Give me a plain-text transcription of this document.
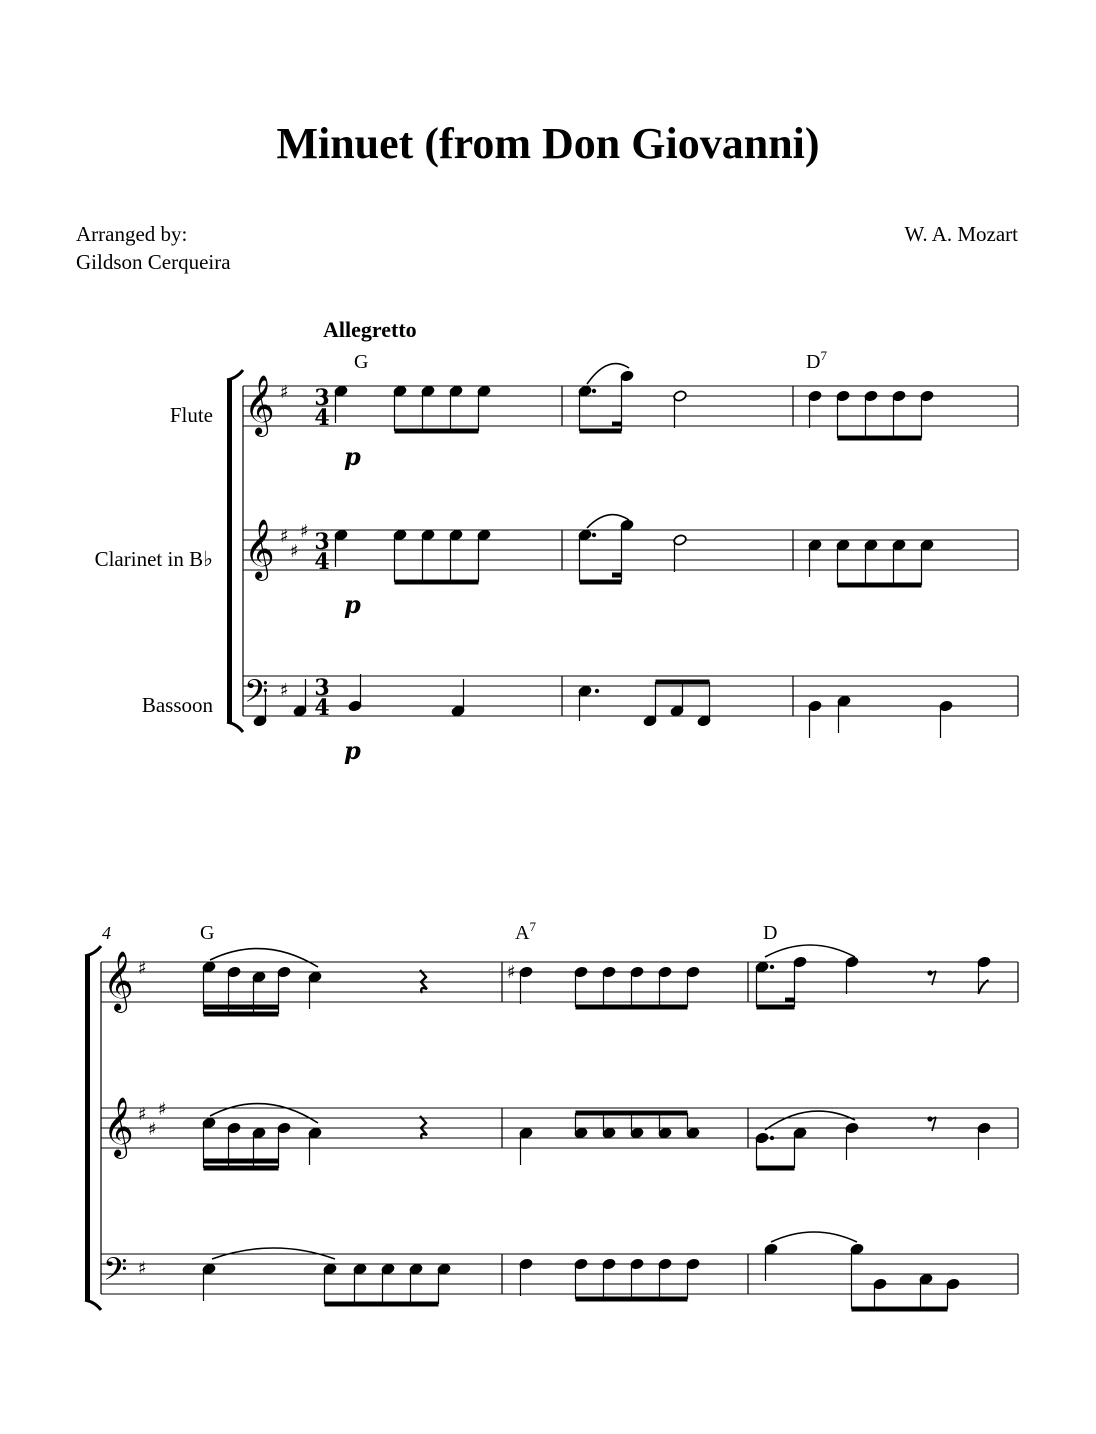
Minuet (from Don Giovanni)
Arranged by:
Gildson Cerqueira
W. A. Mozart
𝄞 ♯ 3
4
𝄞 ♯
♯
♯ 3
4
𝄢 ♯ 3
4
𝄞 ♯
𝄞 ♯
♯
♯
𝄢 ♯
♯
Allegretto
G	$D^7$
G	$A^7$	D
4
Flute
Clarinet in B♭
Bassoon
p
p
p
